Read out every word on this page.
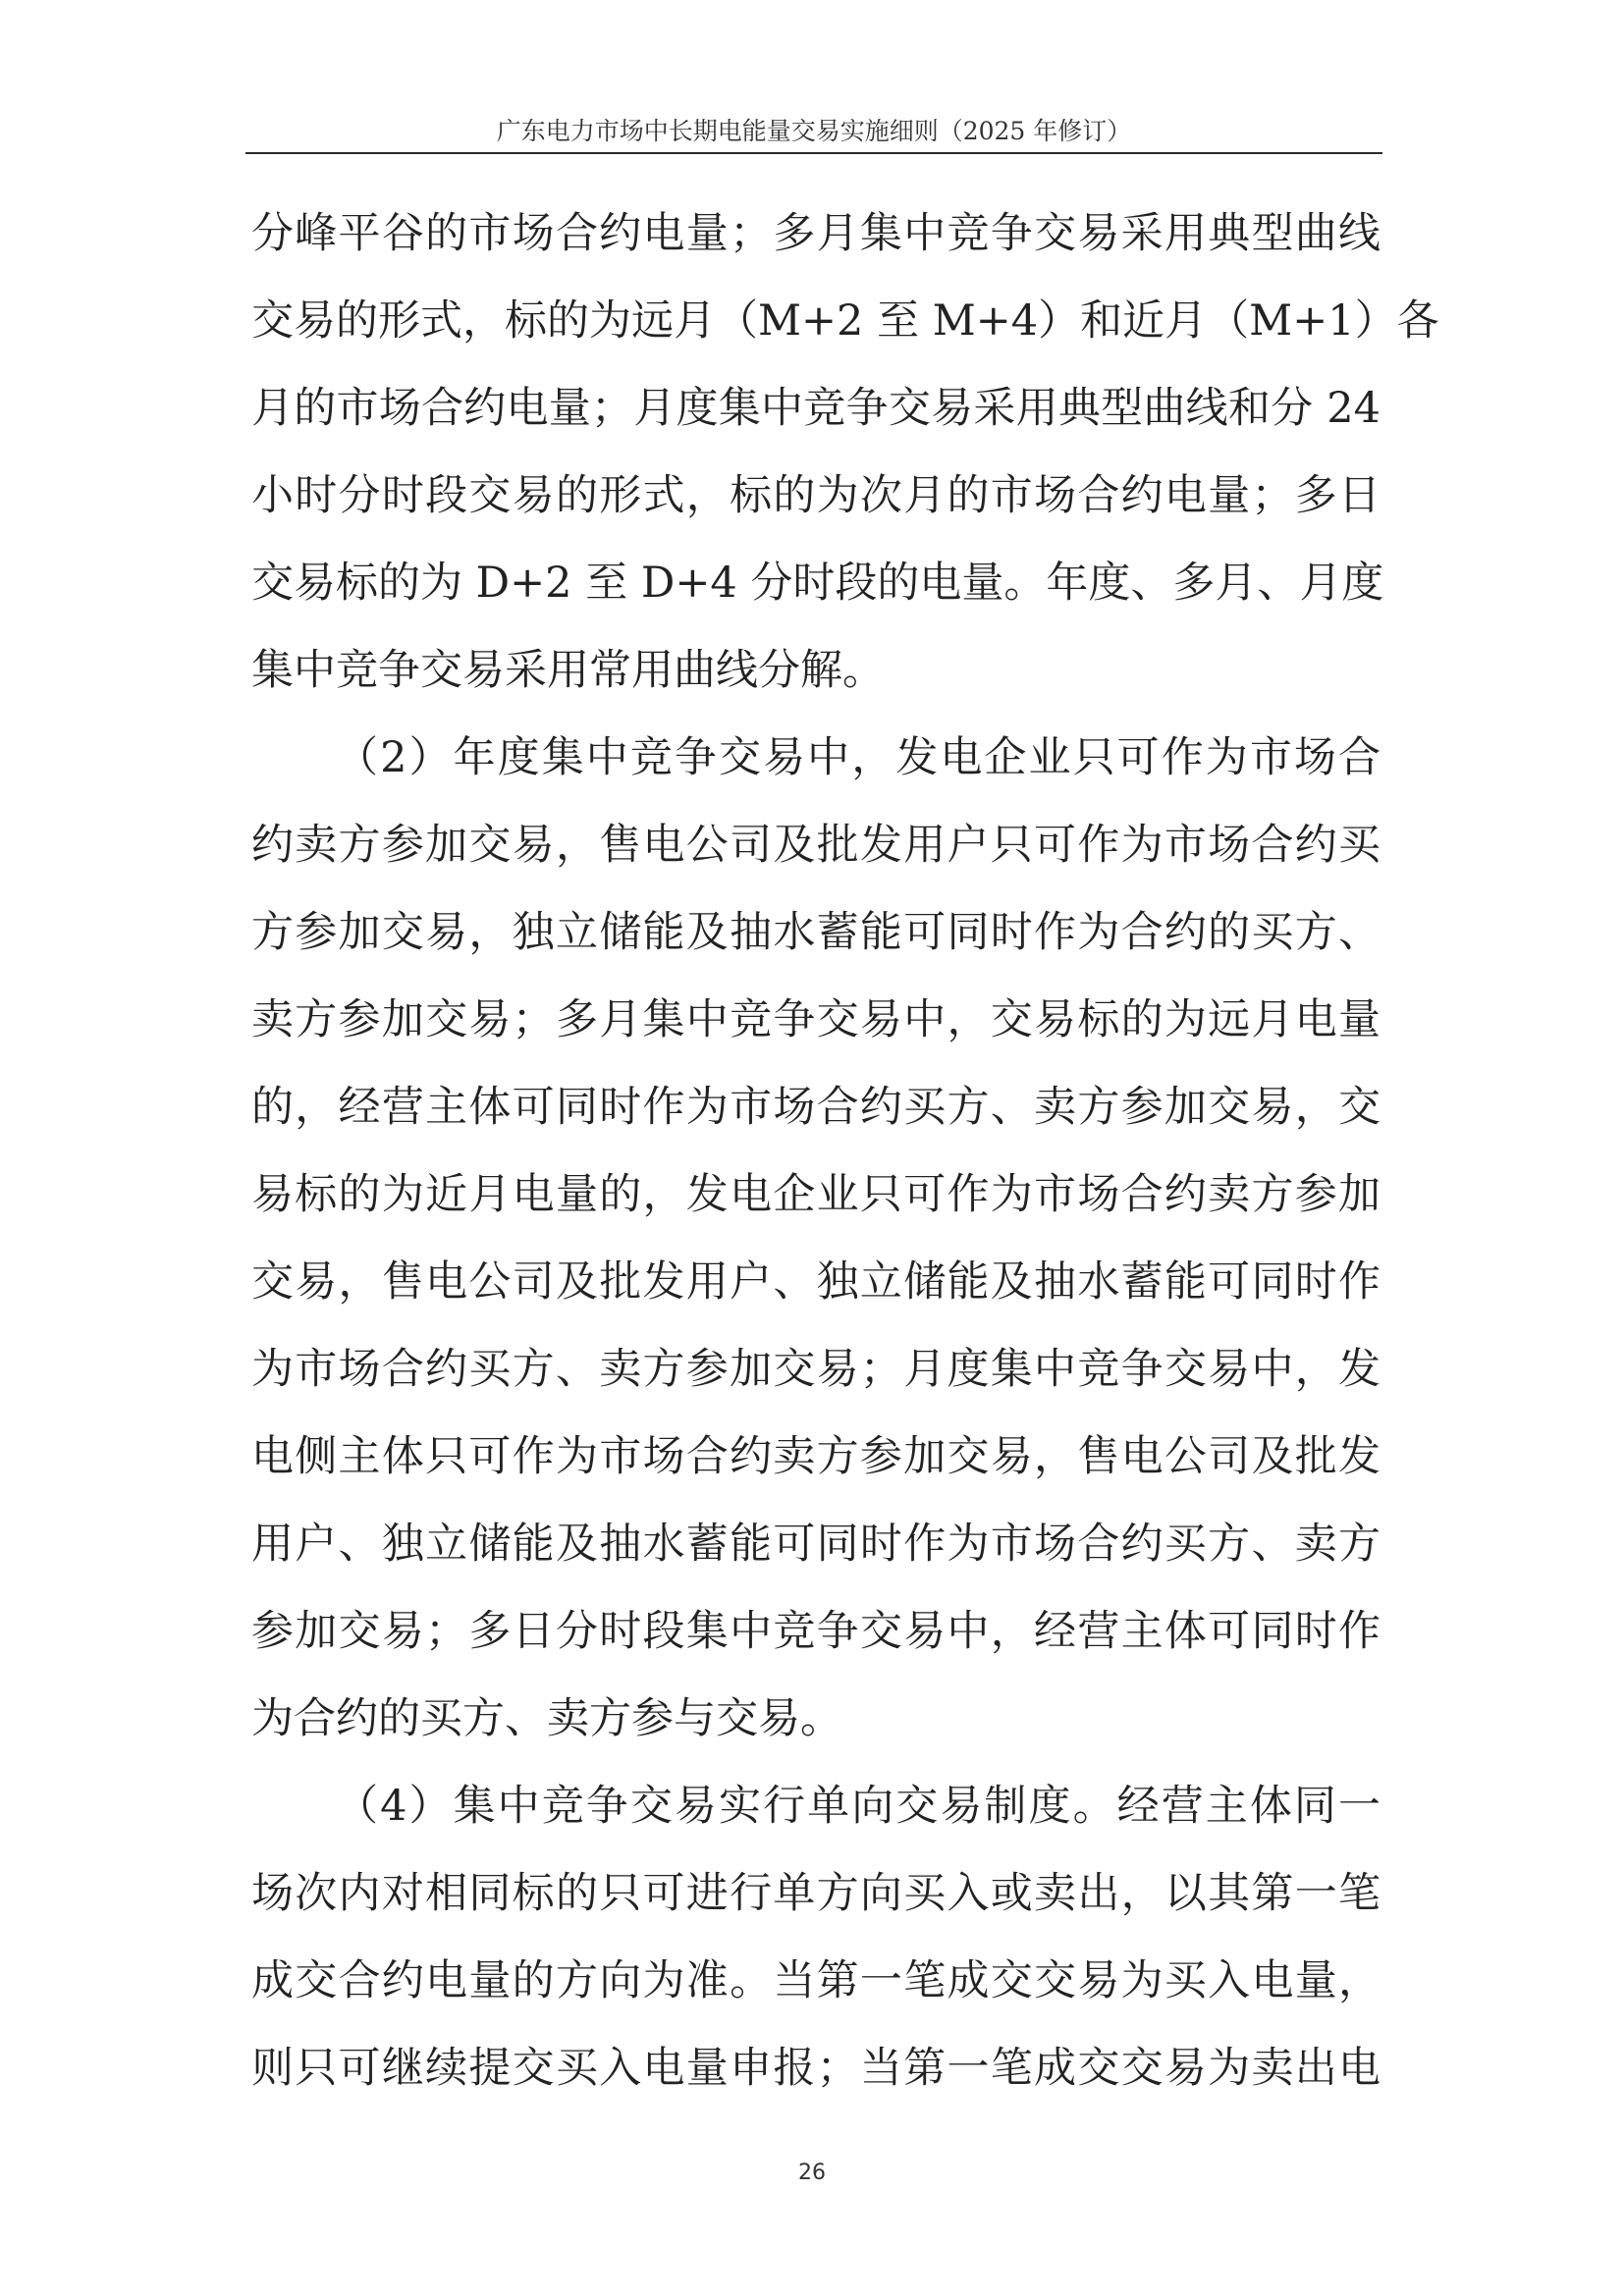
广东电力市场中长期电能量交易实施细则（2025 年修订）
分峰平谷的市场合约电量；多月集中竞争交易采用典型曲线
交易的形式，标的为远月（M+2 至 M+4）和近月（M+1）各
月的市场合约电量；月度集中竞争交易采用典型曲线和分 24
小时分时段交易的形式，标的为次月的市场合约电量；多日
交易标的为 D+2 至 D+4 分时段的电量。年度、多月、月度
集中竞争交易采用常用曲线分解。
（2）年度集中竞争交易中，发电企业只可作为市场合
约卖方参加交易，售电公司及批发用户只可作为市场合约买
方参加交易，独立储能及抽水蓄能可同时作为合约的买方、
卖方参加交易；多月集中竞争交易中，交易标的为远月电量
的，经营主体可同时作为市场合约买方、卖方参加交易，交
易标的为近月电量的，发电企业只可作为市场合约卖方参加
交易，售电公司及批发用户、独立储能及抽水蓄能可同时作
为市场合约买方、卖方参加交易；月度集中竞争交易中，发
电侧主体只可作为市场合约卖方参加交易，售电公司及批发
用户、独立储能及抽水蓄能可同时作为市场合约买方、卖方
参加交易；多日分时段集中竞争交易中，经营主体可同时作
为合约的买方、卖方参与交易。
（4）集中竞争交易实行单向交易制度。经营主体同一
场次内对相同标的只可进行单方向买入或卖出，以其第一笔
成交合约电量的方向为准。当第一笔成交交易为买入电量，
则只可继续提交买入电量申报；当第一笔成交交易为卖出电
26
